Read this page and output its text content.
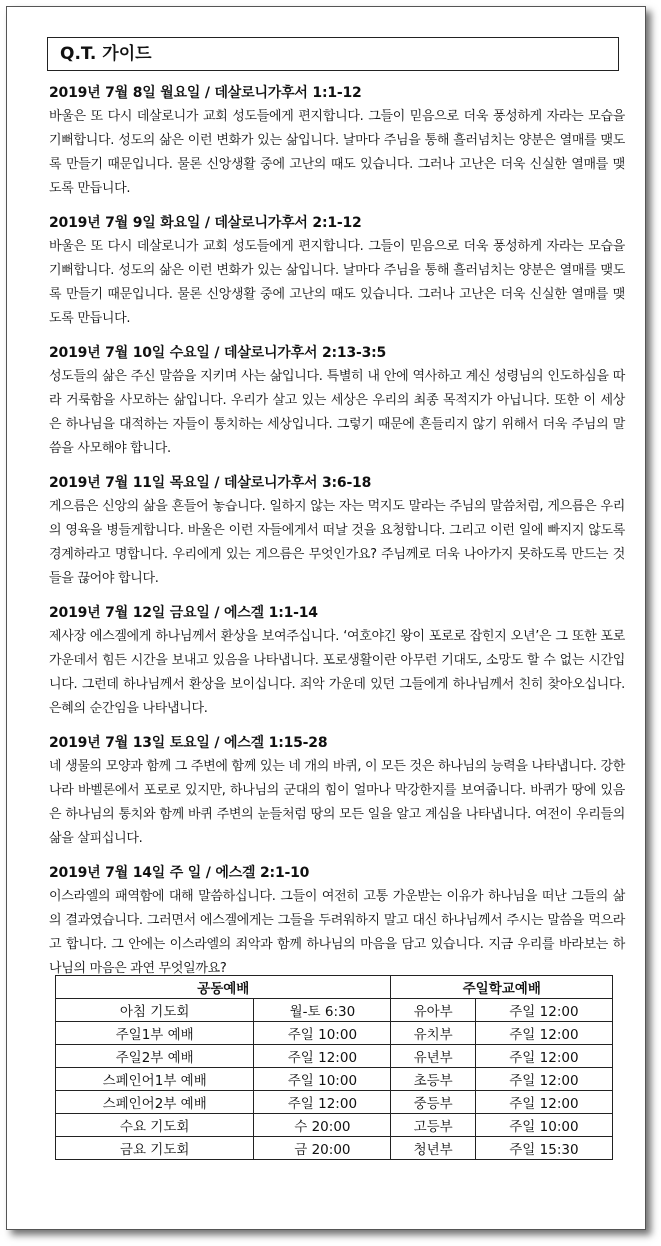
Q.T. 가이드
2019년 7월 8일 월요일 / 데살로니가후서 1:1-12
바울은 또 다시 데살로니가 교회 성도들에게 편지합니다. 그들이 믿음으로 더욱 풍성하게 자라는 모습을 기뻐합니다. 성도의 삶은 이런 변화가 있는 삶입니다. 날마다 주님을 통해 흘러넘치는 양분은 열매를 맺도록 만들기 때문입니다. 물론 신앙생활 중에 고난의 때도 있습니다. 그러나 고난은 더욱 신실한 열매를 맺도록 만듭니다.
2019년 7월 9일 화요일 / 데살로니가후서 2:1-12
바울은 또 다시 데살로니가 교회 성도들에게 편지합니다. 그들이 믿음으로 더욱 풍성하게 자라는 모습을 기뻐합니다. 성도의 삶은 이런 변화가 있는 삶입니다. 날마다 주님을 통해 흘러넘치는 양분은 열매를 맺도록 만들기 때문입니다. 물론 신앙생활 중에 고난의 때도 있습니다. 그러나 고난은 더욱 신실한 열매를 맺도록 만듭니다.
2019년 7월 10일 수요일 / 데살로니가후서 2:13-3:5
성도들의 삶은 주신 말씀을 지키며 사는 삶입니다. 특별히 내 안에 역사하고 계신 성령님의 인도하심을 따라 거룩함을 사모하는 삶입니다. 우리가 살고 있는 세상은 우리의 최종 목적지가 아닙니다. 또한 이 세상은 하나님을 대적하는 자들이 통치하는 세상입니다. 그렇기 때문에 흔들리지 않기 위해서 더욱 주님의 말씀을 사모해야 합니다.
2019년 7월 11일 목요일 / 데살로니가후서 3:6-18
게으름은 신앙의 삶을 흔들어 놓습니다. 일하지 않는 자는 먹지도 말라는 주님의 말씀처럼, 게으름은 우리의 영육을 병들게합니다. 바울은 이런 자들에게서 떠날 것을 요청합니다. 그리고 이런 일에 빠지지 않도록 경계하라고 명합니다. 우리에게 있는 게으름은 무엇인가요? 주님께로 더욱 나아가지 못하도록 만드는 것들을 끊어야 합니다.
2019년 7월 12일 금요일 / 에스겔 1:1-14
제사장 에스겔에게 하나님께서 환상을 보여주십니다. ‘여호야긴 왕이 포로로 잡힌지 오년’은 그 또한 포로가운데서 힘든 시간을 보내고 있음을 나타냅니다. 포로생활이란 아무런 기대도, 소망도 할 수 없는 시간입니다. 그런데 하나님께서 환상을 보이십니다. 죄악 가운데 있던 그들에게 하나님께서 친히 찾아오십니다. 은혜의 순간임을 나타냅니다.
2019년 7월 13일 토요일 / 에스겔 1:15-28
네 생물의 모양과 함께 그 주변에 함께 있는 네 개의 바퀴, 이 모든 것은 하나님의 능력을 나타냅니다. 강한 나라 바벨론에서 포로로 있지만, 하나님의 군대의 힘이 얼마나 막강한지를 보여줍니다. 바퀴가 땅에 있음은 하나님의 통치와 함께 바퀴 주변의 눈들처럼 땅의 모든 일을 알고 계심을 나타냅니다. 여전이 우리들의 삶을 살피십니다.
2019년 7월 14일 주 일 / 에스겔 2:1-10
이스라엘의 패역함에 대해 말씀하십니다. 그들이 여전히 고통 가운받는 이유가 하나님을 떠난 그들의 삶의 결과였습니다. 그러면서 에스겔에게는 그들을 두려워하지 말고 대신 하나님께서 주시는 말씀을 먹으라고 합니다. 그 안에는 이스라엘의 죄악과 함께 하나님의 마음을 담고 있습니다. 지금 우리를 바라보는 하나님의 마음은 과연 무엇일까요?
공동예배		주일학교예배	
아침 기도회	월-토 6:30	유아부	주일 12:00
주일1부 예배	주일 10:00	유치부	주일 12:00
주일2부 예배	주일 12:00	유년부	주일 12:00
스페인어1부 예배	주일 10:00	초등부	주일 12:00
스페인어2부 예배	주일 12:00	중등부	주일 12:00
수요 기도회	수 20:00	고등부	주일 10:00
금요 기도회	금 20:00	청년부	주일 15:30
